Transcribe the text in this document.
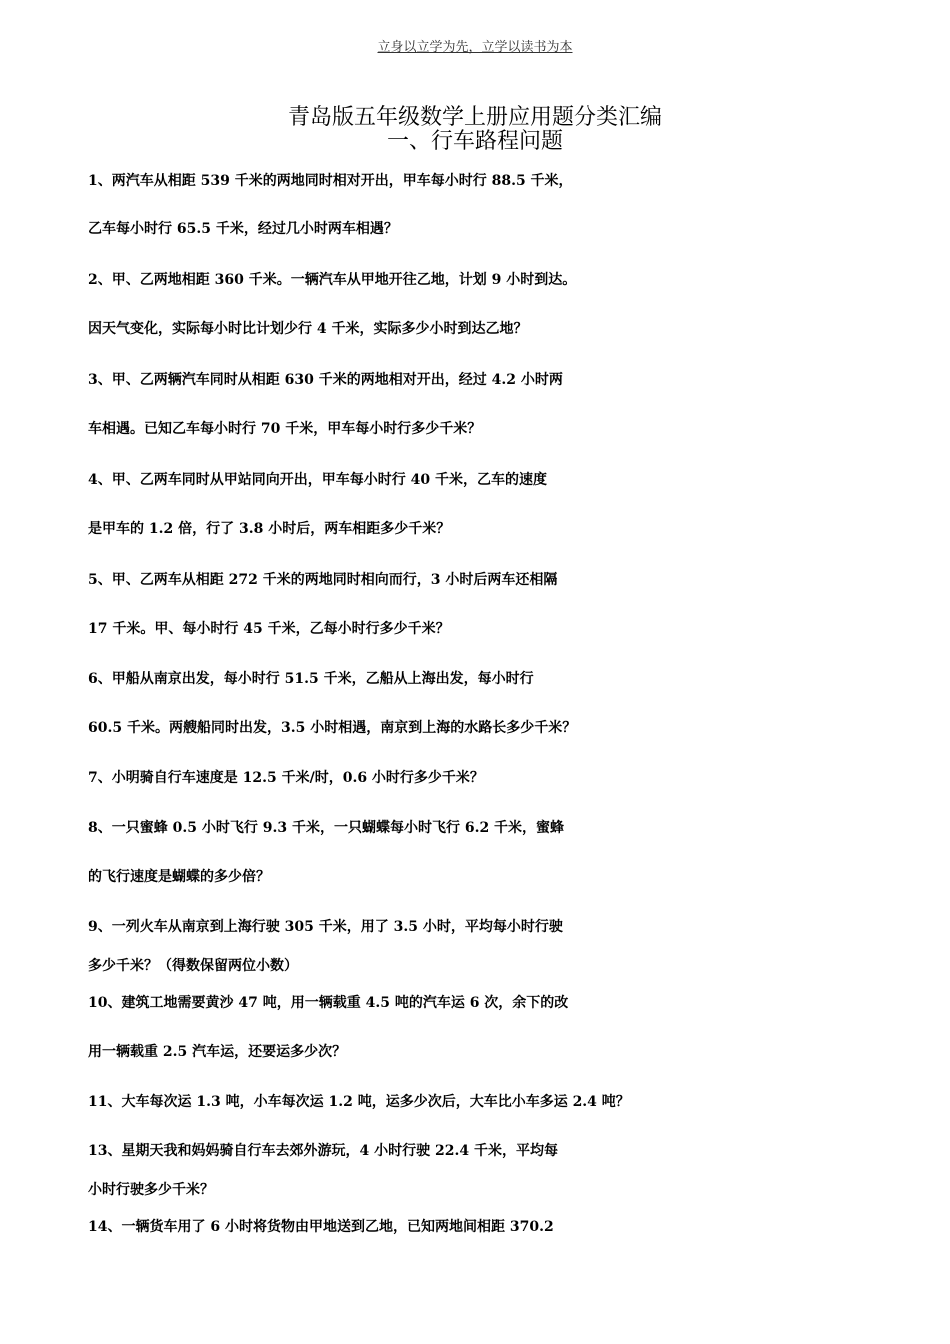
立身以立学为先，立学以读书为本
青岛版五年级数学上册应用题分类汇编
一、行车路程问题
1、两汽车从相距 539 千米的两地同时相对开出，甲车每小时行 88.5 千米，
乙车每小时行 65.5 千米，经过几小时两车相遇？
2、甲、乙两地相距 360 千米。一辆汽车从甲地开往乙地，计划 9 小时到达。
因天气变化，实际每小时比计划少行 4 千米，实际多少小时到达乙地？
3、甲、乙两辆汽车同时从相距 630 千米的两地相对开出，经过 4.2 小时两
车相遇。已知乙车每小时行 70 千米，甲车每小时行多少千米？
4、甲、乙两车同时从甲站同向开出，甲车每小时行 40 千米，乙车的速度
是甲车的 1.2 倍，行了 3.8 小时后，两车相距多少千米？
5、甲、乙两车从相距 272 千米的两地同时相向而行，3 小时后两车还相隔
17 千米。甲、每小时行 45 千米，乙每小时行多少千米？
6、甲船从南京出发，每小时行 51.5 千米，乙船从上海出发，每小时行
60.5 千米。两艘船同时出发，3.5 小时相遇，南京到上海的水路长多少千米？
7、小明骑自行车速度是 12.5 千米/时，0.6 小时行多少千米？
8、一只蜜蜂 0.5 小时飞行 9.3 千米，一只蝴蝶每小时飞行 6.2 千米，蜜蜂
的飞行速度是蝴蝶的多少倍？
9、一列火车从南京到上海行驶 305 千米，用了 3.5 小时，平均每小时行驶
多少千米？（得数保留两位小数）
10、建筑工地需要黄沙 47 吨，用一辆载重 4.5 吨的汽车运 6 次，余下的改
用一辆载重 2.5 汽车运，还要运多少次？
11、大车每次运 1.3 吨，小车每次运 1.2 吨，运多少次后，大车比小车多运 2.4 吨？
13、星期天我和妈妈骑自行车去郊外游玩，4 小时行驶 22.4 千米，平均每
小时行驶多少千米？
14、一辆货车用了 6 小时将货物由甲地送到乙地，已知两地间相距 370.2
